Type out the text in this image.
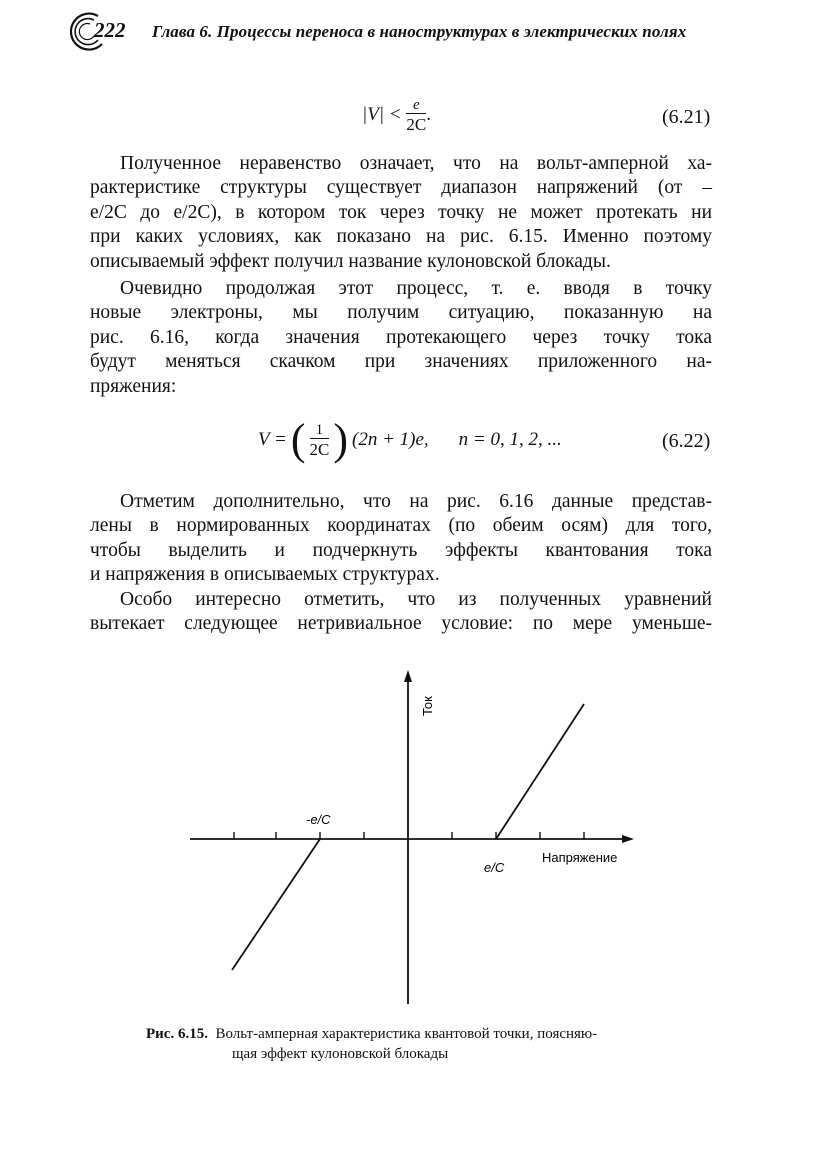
222 Глава 6. Процессы переноса в наноструктурах в электрических полях
$|V| < \frac{e}{2C}$ .	(6.21)
Полученное неравенство означает, что на вольт-амперной ха-
рактеристике структуры существует диапазон напряжений (от –
e/2C до e/2C), в котором ток через точку не может протекать ни
при каких условиях, как показано на рис. 6.15. Именно поэтому
описываемый эффект получил название кулоновской блокады.
Очевидно продолжая этот процесс, т. е. вводя в точку
новые электроны, мы получим ситуацию, показанную на
рис. 6.16, когда значения протекающего через точку тока
будут меняться скачком при значениях приложенного на-
пряжения:
V = ( $\frac{1}{2C}$ ) (2n + 1)e, n = 0, 1, 2, ...	(6.22)
Отметим дополнительно, что на рис. 6.16 данные представ-
лены в нормированных координатах (по обеим осям) для того,
чтобы выделить и подчеркнуть эффекты квантования тока
и напряжения в описываемых структурах.
Особо интересно отметить, что из полученных уравнений
вытекает следующее нетривиальное условие: по мере уменьше-
Ток
Напряжение
-e/C
e/C
Рис. 6.15. Вольт-амперная характеристика квантовой точки, поясняю-
щая эффект кулоновской блокады
